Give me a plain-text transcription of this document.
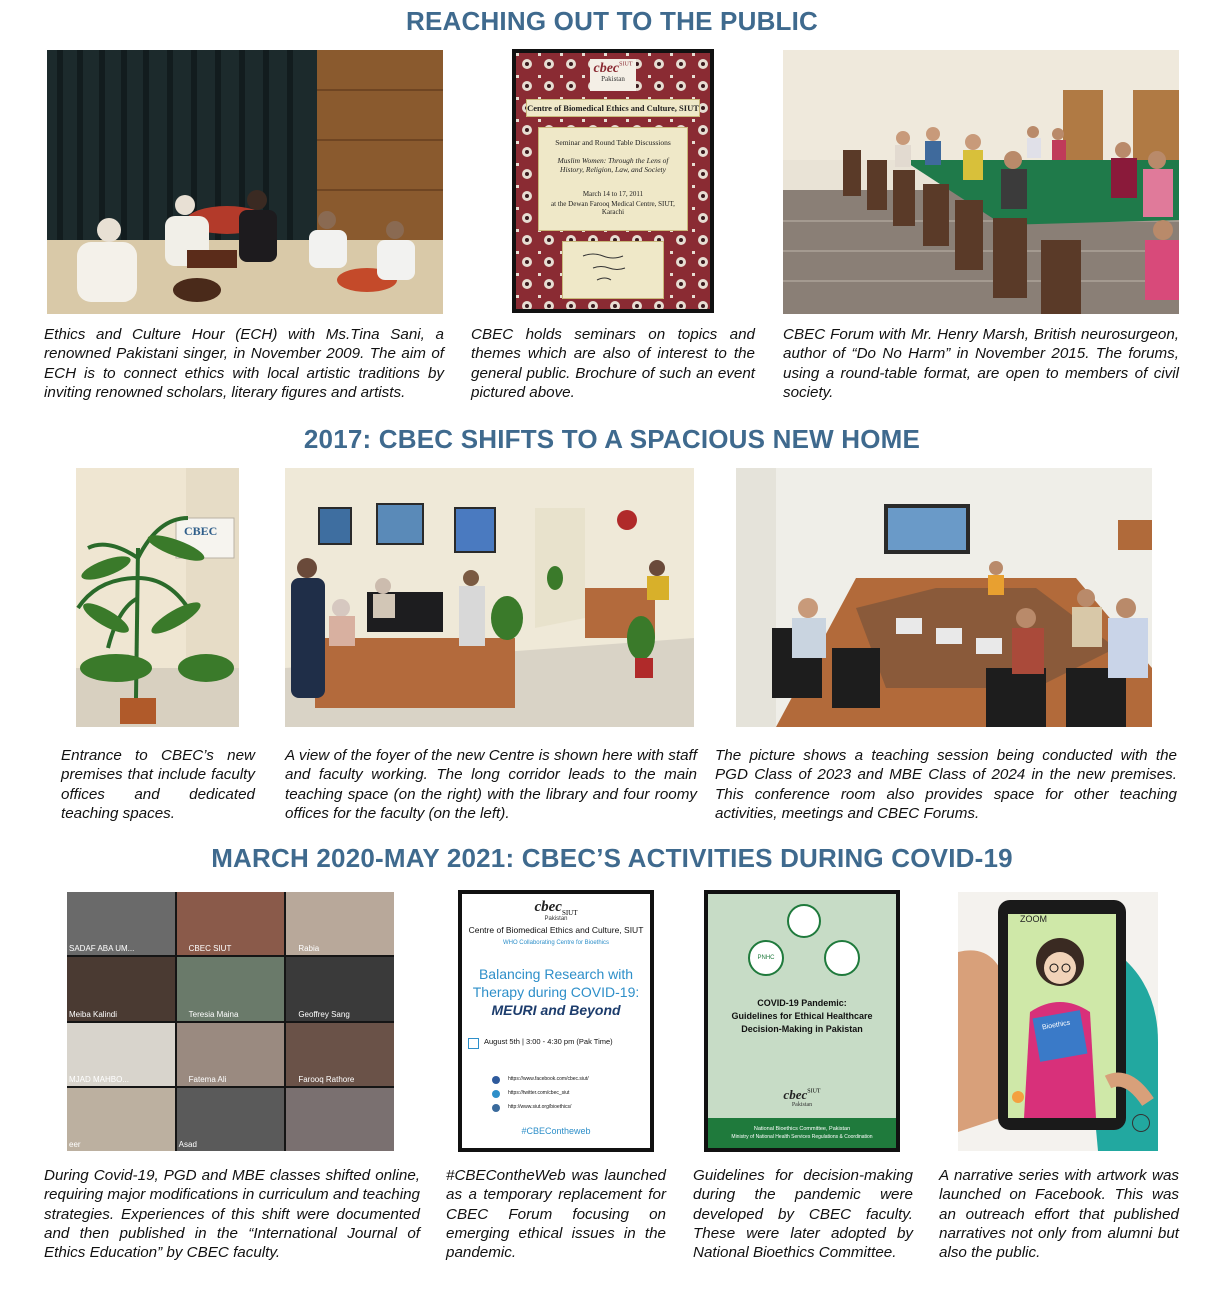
REACHING OUT TO THE PUBLIC
cbec$^{SIUT}$
Pakistan
Centre of Biomedical Ethics and Culture, SIUT
Seminar and Round Table Discussions
Muslim Women: Through the Lens of History, Religion, Law, and Society
March 14 to 17, 2011
at the Dewan Farooq Medical Centre, SIUT, Karachi
Ethics and Culture Hour (ECH) with Ms.Tina Sani, a renowned Pakistani singer, in November 2009. The aim of ECH is to connect ethics with local artistic traditions by inviting renowned scholars, literary figures and artists.
CBEC holds seminars on topics and themes which are also of interest to the general public. Brochure of such an event pictured above.
CBEC Forum with Mr. Henry Marsh, British neurosurgeon, author of “Do No Harm” in November 2015. The forums, using a round-table format, are open to members of civil society.
2017: CBEC SHIFTS TO A SPACIOUS NEW HOME
CBEC
Entrance to CBEC’s new premises that include faculty offices and dedicated teaching spaces.
A view of the foyer of the new Centre is shown here with staff and faculty working. The long corridor leads to the main teaching space (on the right) with the library and four roomy offices for the faculty (on the left).
The picture shows a teaching session being conducted with the PGD Class of 2023 and MBE Class of 2024 in the new premises. This conference room also provides space for other teaching activities, meetings and CBEC Forums.
MARCH 2020-MAY 2021: CBEC’S ACTIVITIES DURING COVID-19
SADAF ABA UM...	CBEC SIUT	Rabia
Meiba Kalindi	Teresia Maina	Geoffrey Sang
MJAD MAHBO...	Fatema Ali	Farooq Rathore
eer	Asad
cbec$_{SIUT}$
Pakistan
Centre of Biomedical Ethics and Culture, SIUT
WHO Collaborating Centre for Bioethics
Balancing Research with
Therapy during COVID-19:
MEURI and Beyond
August 5th | 3:00 - 4:30 pm (Pak Time)
https://www.facebook.com/cbec.siut/
https://twitter.com/cbec_siut
http://www.siut.org/bioethics/
#CBEContheweb
PNHC
COVID-19 Pandemic:
Guidelines for Ethical Healthcare
Decision-Making in Pakistan
cbec$^{SIUT}$
Pakistan
National Bioethics Committee, Pakistan
Ministry of National Health Services Regulations & Coordination
ZOOM
Bioethics
During Covid-19, PGD and MBE classes shifted online, requiring major modifications in curriculum and teaching strategies. Experiences of this shift were documented and then published in the “International Journal of Ethics Education” by CBEC faculty.
#CBEContheWeb was launched as a temporary replacement for CBEC Forum focusing on emerging ethical issues in the pandemic.
Guidelines for decision-making during the pandemic were developed by CBEC faculty. These were later adopted by National Bioethics Committee.
A narrative series with artwork was launched on Facebook. This was an outreach effort that published narratives not only from alumni but also the public.
